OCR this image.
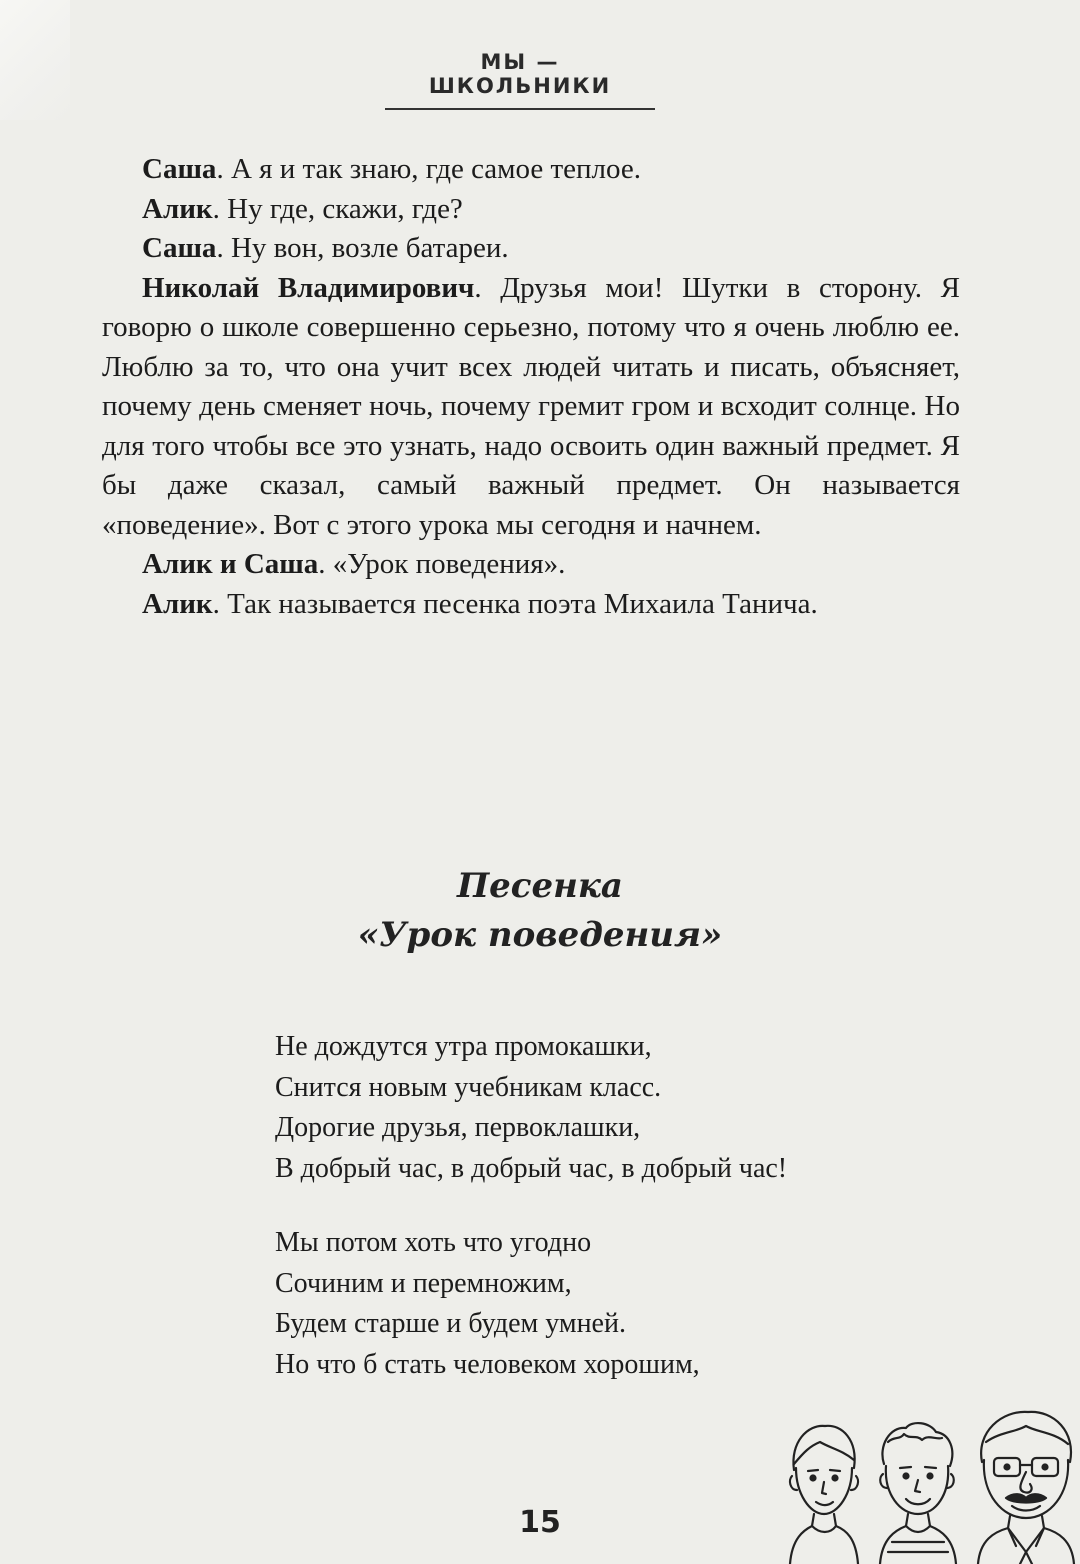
МЫ — ШКОЛЬНИКИ

Саша. А я и так знаю, где самое теплое.

Алик. Ну где, скажи, где?

Саша. Ну вон, возле батареи.

Николай Владимирович. Друзья мои! Шутки в сторону. Я говорю о школе совершенно серьезно, потому что я очень люблю ее. Люблю за то, что она учит всех людей читать и писать, объясняет, почему день сменяет ночь, почему гремит гром и всходит солнце. Но для того чтобы все это узнать, надо освоить один важный предмет. Я бы даже сказал, самый важный предмет. Он называется «поведение». Вот с этого урока мы сегодня и начнем.

Алик и Саша. «Урок поведения».

Алик. Так называется песенка поэта Михаила Танича.

Песенка
«Урок поведения»
Не дождутся утра промокашки,
Снится новым учебникам класс.
Дорогие друзья, первоклашки,
В добрый час, в добрый час, в добрый час!
Мы потом хоть что угодно
Сочиним и перемножим,
Будем старше и будем умней.
Но что б стать человеком хорошим,
15
